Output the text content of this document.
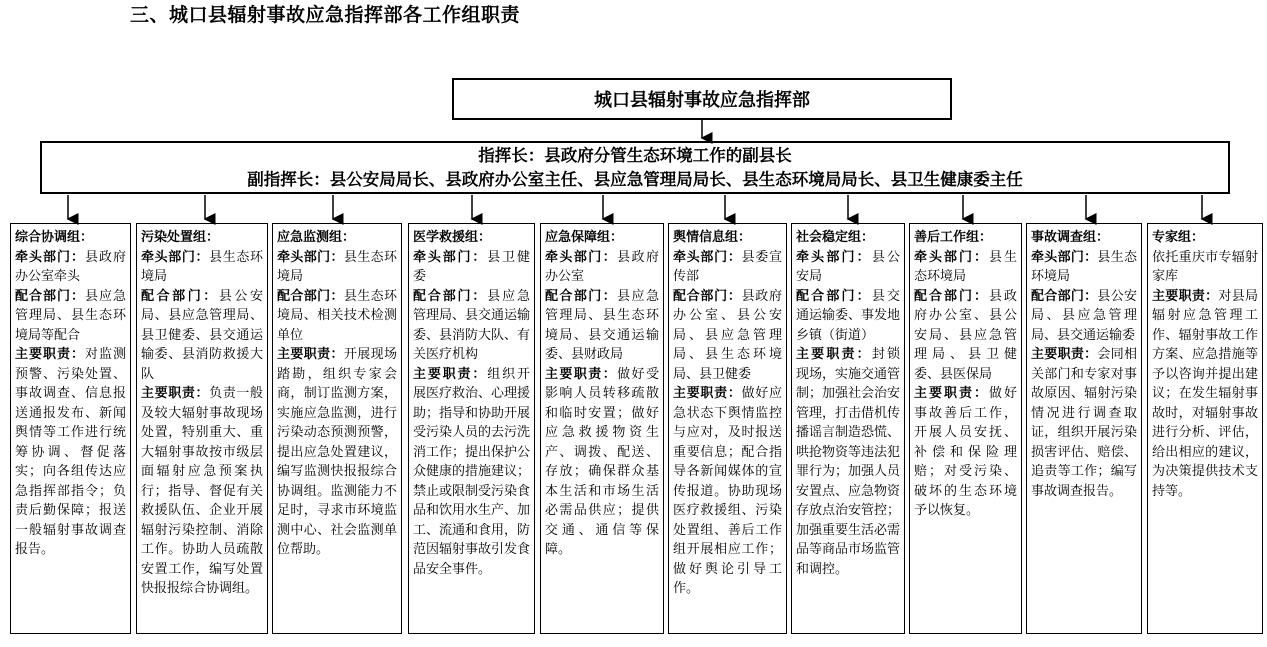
三、城口县辐射事故应急指挥部各工作组职责
城口县辐射事故应急指挥部
指挥长：县政府分管生态环境工作的副县长
副指挥长：县公安局局长、县政府办公室主任、县应急管理局局长、县生态环境局局长、县卫生健康委主任
综合协调组：

牵头部门：县政府办公室牵头

配合部门：县应急管理局、县生态环境局等配合

主要职责：对监测预警、污染处置、事故调查、信息报送通报发布、新闻舆情等工作进行统筹协调、督促落实；向各组传达应急指挥部指令；负责后勤保障；报送一般辐射事故调查报告。

污染处置组：

牵头部门：县生态环境局

配合部门：县公安局、县应急管理局、县卫健委、县交通运输委、县消防救援大队

主要职责：负责一般及较大辐射事故现场处置，特别重大、重大辐射事故按市级层面辐射应急预案执行；指导、督促有关救援队伍、企业开展辐射污染控制、消除工作。协助人员疏散安置工作，编写处置快报报综合协调组。

应急监测组：

牵头部门：县生态环境局

配合部门：县生态环境局、相关技术检测单位

主要职责：开展现场踏勘，组织专家会商，制订监测方案，实施应急监测，进行污染动态预测预警，提出应急处置建议，编写监测快报报综合协调组。监测能力不足时，寻求市环境监测中心、社会监测单位帮助。

医学救援组：

牵头部门：县卫健委

配合部门：县应急管理局、县交通运输委、县消防大队、有关医疗机构

主要职责：组织开展医疗救治、心理援助；指导和协助开展受污染人员的去污洗消工作；提出保护公众健康的措施建议；禁止或限制受污染食品和饮用水生产、加工、流通和食用，防范因辐射事故引发食品安全事件。

应急保障组：

牵头部门：县政府办公室

配合部门：县应急管理局、县生态环境局、县交通运输委、县财政局

主要职责：做好受影响人员转移疏散和临时安置；做好应急救援物资生产、调拨、配送、存放；确保群众基本生活和市场生活必需品供应；提供交通、通信等保障。

舆情信息组：

牵头部门：县委宣传部

配合部门：县政府办公室、县公安局、县应急管理局、县生态环境局、县卫健委

主要职责：做好应急状态下舆情监控与应对，及时报送重要信息；配合指导各新闻媒体的宣传报道。协助现场医疗救援组、污染处置组、善后工作组开展相应工作；做好舆论引导工作。

社会稳定组：

牵头部门：县公安局

配合部门：县交通运输委、事发地乡镇（街道）

主要职责：封锁现场，实施交通管制；加强社会治安管理，打击借机传播谣言制造恐慌、哄抢物资等违法犯罪行为；加强人员安置点、应急物资存放点治安管控；加强重要生活必需品等商品市场监管和调控。

善后工作组：

牵头部门：县生态环境局

配合部门：县政府办公室、县公安局、县应急管理局、县卫健委、县医保局

主要职责：做好事故善后工作，开展人员安抚、补偿和保险理赔；对受污染、破坏的生态环境予以恢复。

事故调查组：

牵头部门：县生态环境局

配合部门：县公安局、县应急管理局、县交通运输委

主要职责：会同相关部门和专家对事故原因、辐射污染情况进行调查取证，组织开展污染损害评估、赔偿、追责等工作；编写事故调查报告。

专家组：

依托重庆市专辐射家库

主要职责：对县局辐射应急管理工作、辐射事故工作方案、应急措施等予以咨询并提出建议；在发生辐射事故时，对辐射事故进行分析、评估，给出相应的建议，为决策提供技术支持等。
